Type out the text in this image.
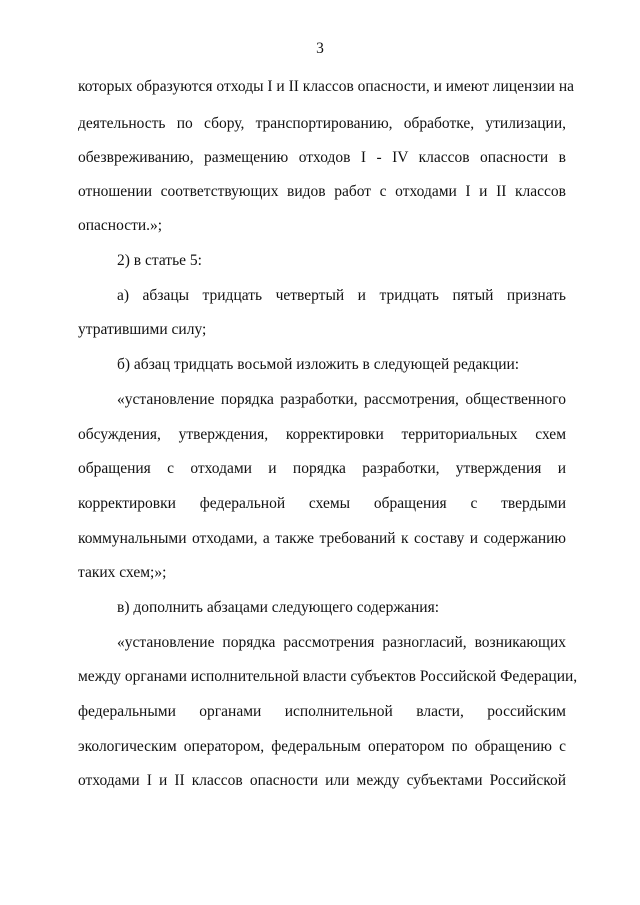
3
которых образуются отходы I и II классов опасности, и имеют лицензии на
деятельность по сбору, транспортированию, обработке, утилизации,
обезвреживанию, размещению отходов I - IV классов опасности в
отношении соответствующих видов работ с отходами I и II классов
опасности.»;
2) в статье 5:
а) абзацы тридцать четвертый и тридцать пятый признать
утратившими силу;
б) абзац тридцать восьмой изложить в следующей редакции:
«установление порядка разработки, рассмотрения, общественного
обсуждения, утверждения, корректировки территориальных схем
обращения с отходами и порядка разработки, утверждения и
корректировки федеральной схемы обращения с твердыми
коммунальными отходами, а также требований к составу и содержанию
таких схем;»;
в) дополнить абзацами следующего содержания:
«установление порядка рассмотрения разногласий, возникающих
между органами исполнительной власти субъектов Российской Федерации,
федеральными органами исполнительной власти, российским
экологическим оператором, федеральным оператором по обращению с
отходами I и II классов опасности или между субъектами Российской
